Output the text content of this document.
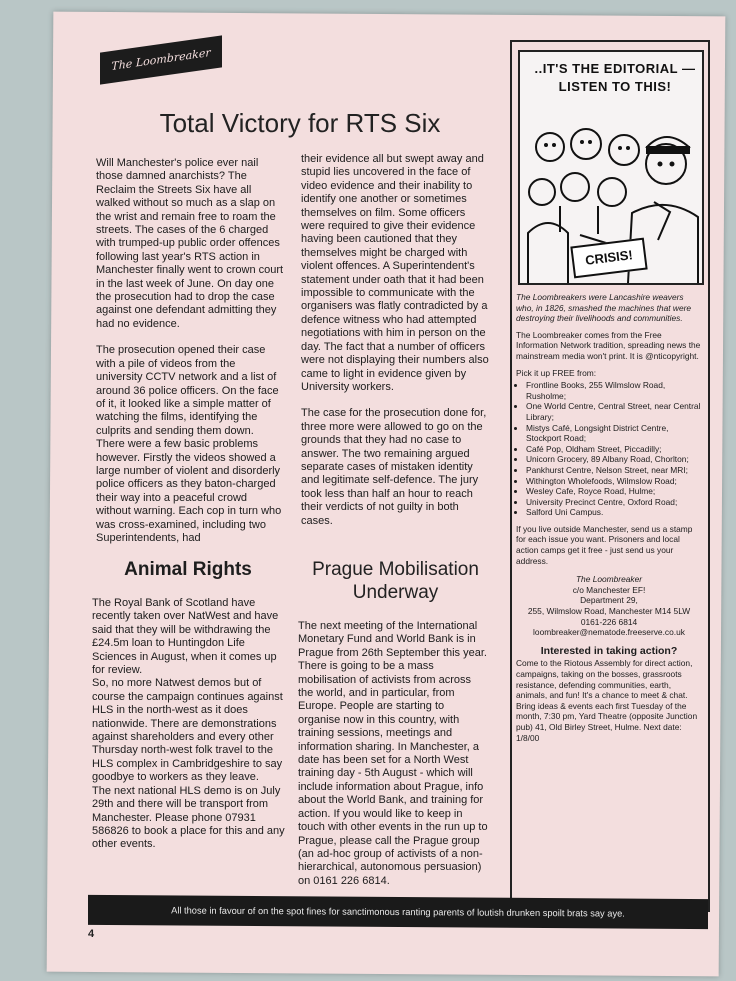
The Loombreaker
Total Victory for RTS Six

Will Manchester's police ever nail those damned anarchists? The Reclaim the Streets Six have all walked without so much as a slap on the wrist and remain free to roam the streets. The cases of the 6 charged with trumped-up public order offences following last year's RTS action in Manchester finally went to crown court in the last week of June. On day one the prosecution had to drop the case against one defendant admitting they had no evidence.

The prosecution opened their case with a pile of videos from the university CCTV network and a list of around 36 police officers. On the face of it, it looked like a simple matter of watching the films, identifying the culprits and sending them down. There were a few basic problems however. Firstly the videos showed a large number of violent and disorderly police officers as they baton-charged their way into a peaceful crowd without warning. Each cop in turn who was cross-examined, including two Superintendents, had

their evidence all but swept away and stupid lies uncovered in the face of video evidence and their inability to identify one another or sometimes themselves on film. Some officers were required to give their evidence having been cautioned that they themselves might be charged with violent offences. A Superintendent's statement under oath that it had been impossible to communicate with the organisers was flatly contradicted by a defence witness who had attempted negotiations with him in person on the day. The fact that a number of officers were not displaying their numbers also came to light in evidence given by University workers.

The case for the prosecution done for, three more were allowed to go on the grounds that they had no case to answer. The two remaining argued separate cases of mistaken identity and legitimate self-defence. The jury took less than half an hour to reach their verdicts of not guilty in both cases.

Animal Rights

The Royal Bank of Scotland have recently taken over NatWest and have said that they will be withdrawing the £24.5m loan to Huntingdon Life Sciences in August, when it comes up for review.

So, no more Natwest demos but of course the campaign continues against HLS in the north-west as it does nationwide. There are demonstrations against shareholders and every other Thursday north-west folk travel to the HLS complex in Cambridgeshire to say goodbye to workers as they leave.

The next national HLS demo is on July 29th and there will be transport from Manchester. Please phone 07931 586826 to book a place for this and any other events.

Prague Mobilisation Underway

The next meeting of the International Monetary Fund and World Bank is in Prague from 26th September this year. There is going to be a mass mobilisation of activists from across the world, and in particular, from Europe. People are starting to organise now in this country, with training sessions, meetings and information sharing. In Manchester, a date has been set for a North West training day - 5th August - which will include information about Prague, info about the World Bank, and training for action. If you would like to keep in touch with other events in the run up to Prague, please call the Prague group (an ad-hoc group of activists of a non-hierarchical, autonomous persuasion) on 0161 226 6814.

..IT'S THE EDITORIAL —LISTEN TO THIS!
CRISIS!

The Loombreakers were Lancashire weavers who, in 1826, smashed the machines that were destroying their livelihoods and communities.

The Loombreaker comes from the Free Information Network tradition, spreading news the mainstream media won't print. It is @nticopyright.

Pick it up FREE from:

• Frontline Books, 255 Wilmslow Road, Rusholme;
• One World Centre, Central Street, near Central Library;
• Mistys Café, Longsight District Centre, Stockport Road;
• Café Pop, Oldham Street, Piccadilly;
• Unicorn Grocery, 89 Albany Road, Chorlton;
• Pankhurst Centre, Nelson Street, near MRI;
• Withington Wholefoods, Wilmslow Road;
• Wesley Cafe, Royce Road, Hulme;
• University Precinct Centre, Oxford Road;
• Salford Uni Campus.

If you live outside Manchester, send us a stamp for each issue you want. Prisoners and local action camps get it free - just send us your address.

The Loombreaker
c/o Manchester EF!
Department 29,
255, Wilmslow Road, Manchester M14 5LW
0161-226 6814
loombreaker@nematode.freeserve.co.uk
Interested in taking action?

Come to the Riotous Assembly for direct action, campaigns, taking on the bosses, grassroots resistance, defending communities, earth, animals, and fun! It's a chance to meet & chat. Bring ideas & events each first Tuesday of the month, 7:30 pm, Yard Theatre (opposite Junction pub) 41, Old Birley Street, Hulme. Next date: 1/8/00

All those in favour of on the spot fines for sanctimonous ranting parents of loutish drunken spoilt brats say aye.
4
